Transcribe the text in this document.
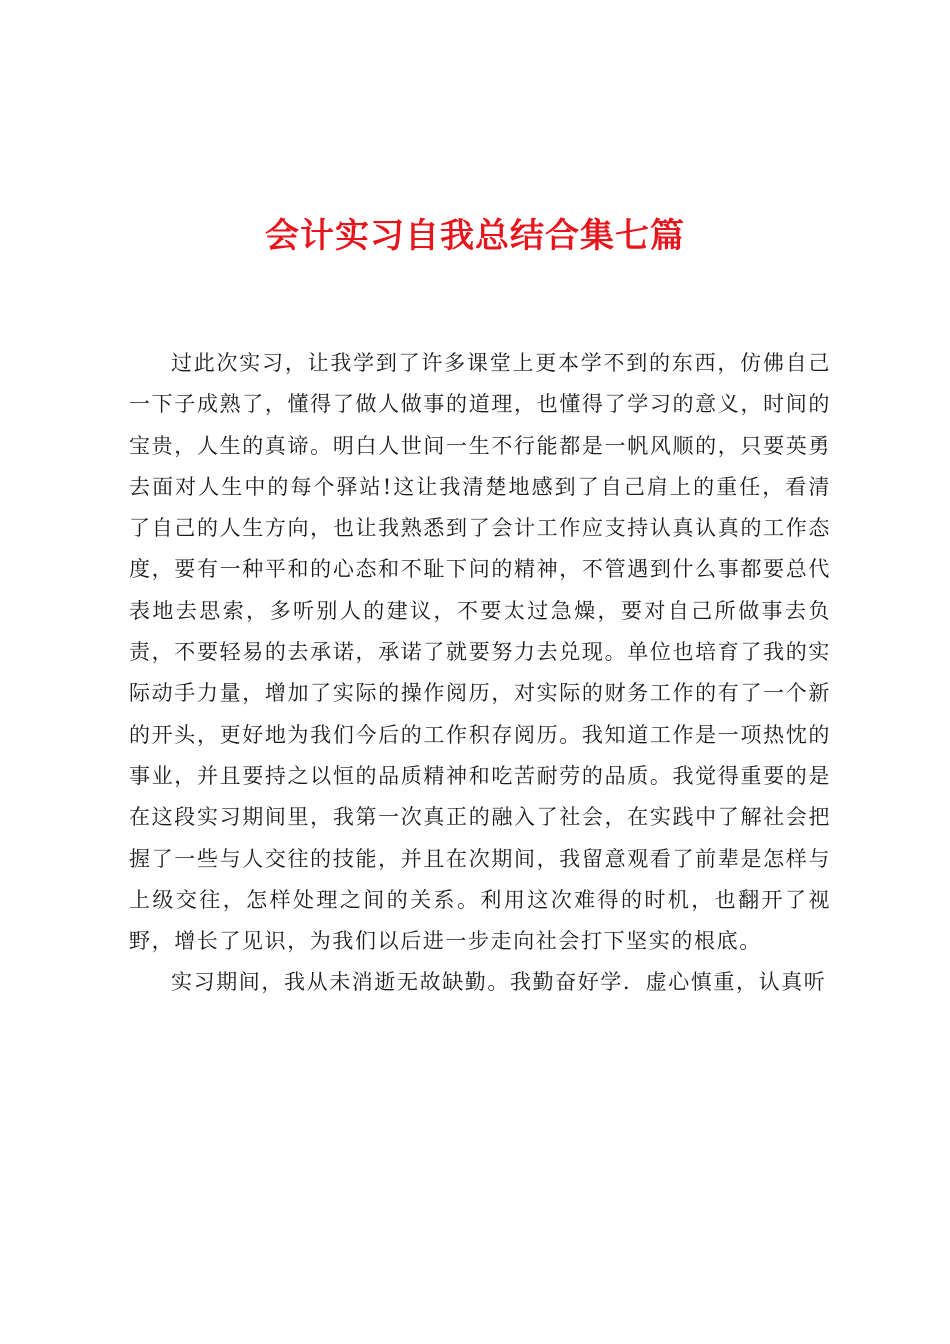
会计实习自我总结合集七篇

过此次实习，让我学到了许多课堂上更本学不到的东西，仿佛自己一下子成熟了，懂得了做人做事的道理，也懂得了学习的意义，时间的宝贵，人生的真谛。明白人世间一生不行能都是一帆风顺的，只要英勇去面对人生中的每个驿站!这让我清楚地感到了自己肩上的重任，看清了自己的人生方向，也让我熟悉到了会计工作应支持认真认真的工作态度，要有一种平和的心态和不耻下问的精神，不管遇到什么事都要总代表地去思索，多听别人的建议，不要太过急燥，要对自己所做事去负责，不要轻易的去承诺，承诺了就要努力去兑现。单位也培育了我的实际动手力量，增加了实际的操作阅历，对实际的财务工作的有了一个新的开头，更好地为我们今后的工作积存阅历。我知道工作是一项热忱的事业，并且要持之以恒的品质精神和吃苦耐劳的品质。我觉得重要的是在这段实习期间里，我第一次真正的融入了社会，在实践中了解社会把握了一些与人交往的技能，并且在次期间，我留意观看了前辈是怎样与上级交往，怎样处理之间的关系。利用这次难得的时机，也翻开了视野，增长了见识，为我们以后进一步走向社会打下坚实的根底。

实习期间，我从未消逝无故缺勤。我勤奋好学．虚心慎重，认真听
